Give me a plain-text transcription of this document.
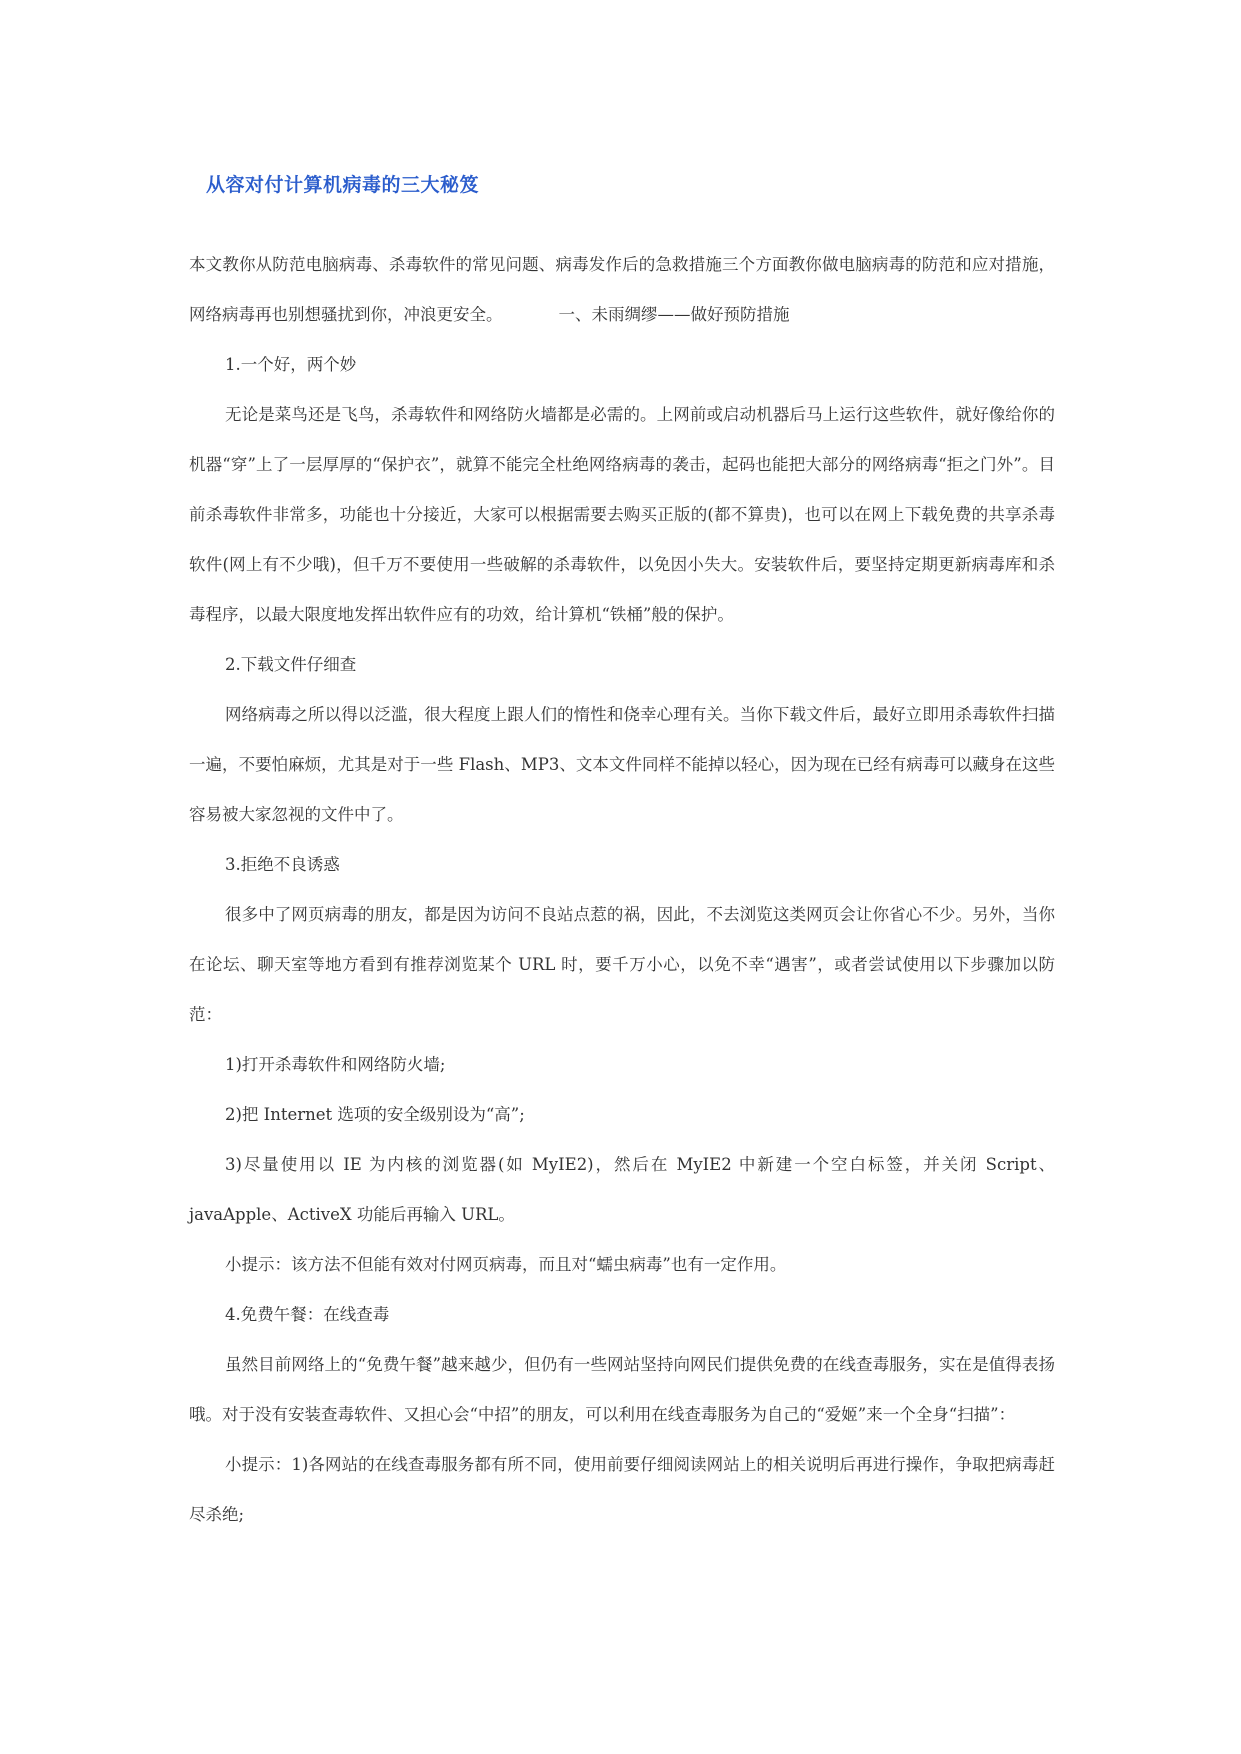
从容对付计算机病毒的三大秘笈

本文教你从防范电脑病毒、杀毒软件的常见问题、病毒发作后的急救措施三个方面教你做电脑病毒的防范和应对措施，网络病毒再也别想骚扰到你，冲浪更安全。	一、未雨绸缪——做好预防措施

1.一个好，两个妙

无论是菜鸟还是飞鸟，杀毒软件和网络防火墙都是必需的。上网前或启动机器后马上运行这些软件，就好像给你的机器“穿”上了一层厚厚的“保护衣”，就算不能完全杜绝网络病毒的袭击，起码也能把大部分的网络病毒“拒之门外”。目前杀毒软件非常多，功能也十分接近，大家可以根据需要去购买正版的(都不算贵)，也可以在网上下载免费的共享杀毒软件(网上有不少哦)，但千万不要使用一些破解的杀毒软件，以免因小失大。安装软件后，要坚持定期更新病毒库和杀毒程序，以最大限度地发挥出软件应有的功效，给计算机“铁桶”般的保护。

2.下载文件仔细查

网络病毒之所以得以泛滥，很大程度上跟人们的惰性和侥幸心理有关。当你下载文件后，最好立即用杀毒软件扫描一遍，不要怕麻烦，尤其是对于一些 Flash、MP3、文本文件同样不能掉以轻心，因为现在已经有病毒可以藏身在这些容易被大家忽视的文件中了。

3.拒绝不良诱惑

很多中了网页病毒的朋友，都是因为访问不良站点惹的祸，因此，不去浏览这类网页会让你省心不少。另外，当你在论坛、聊天室等地方看到有推荐浏览某个 URL 时，要千万小心，以免不幸“遇害”，或者尝试使用以下步骤加以防范：

1)打开杀毒软件和网络防火墙;

2)把 Internet 选项的安全级别设为“高”;

3)尽量使用以 IE 为内核的浏览器(如 MyIE2)，然后在 MyIE2 中新建一个空白标签，并关闭 Script、javaApple、ActiveX 功能后再输入 URL。

小提示：该方法不但能有效对付网页病毒，而且对“蠕虫病毒”也有一定作用。

4.免费午餐：在线查毒

虽然目前网络上的“免费午餐”越来越少，但仍有一些网站坚持向网民们提供免费的在线查毒服务，实在是值得表扬哦。对于没有安装查毒软件、又担心会“中招”的朋友，可以利用在线查毒服务为自己的“爱姬”来一个全身“扫描”：

小提示：1)各网站的在线查毒服务都有所不同，使用前要仔细阅读网站上的相关说明后再进行操作，争取把病毒赶尽杀绝;
